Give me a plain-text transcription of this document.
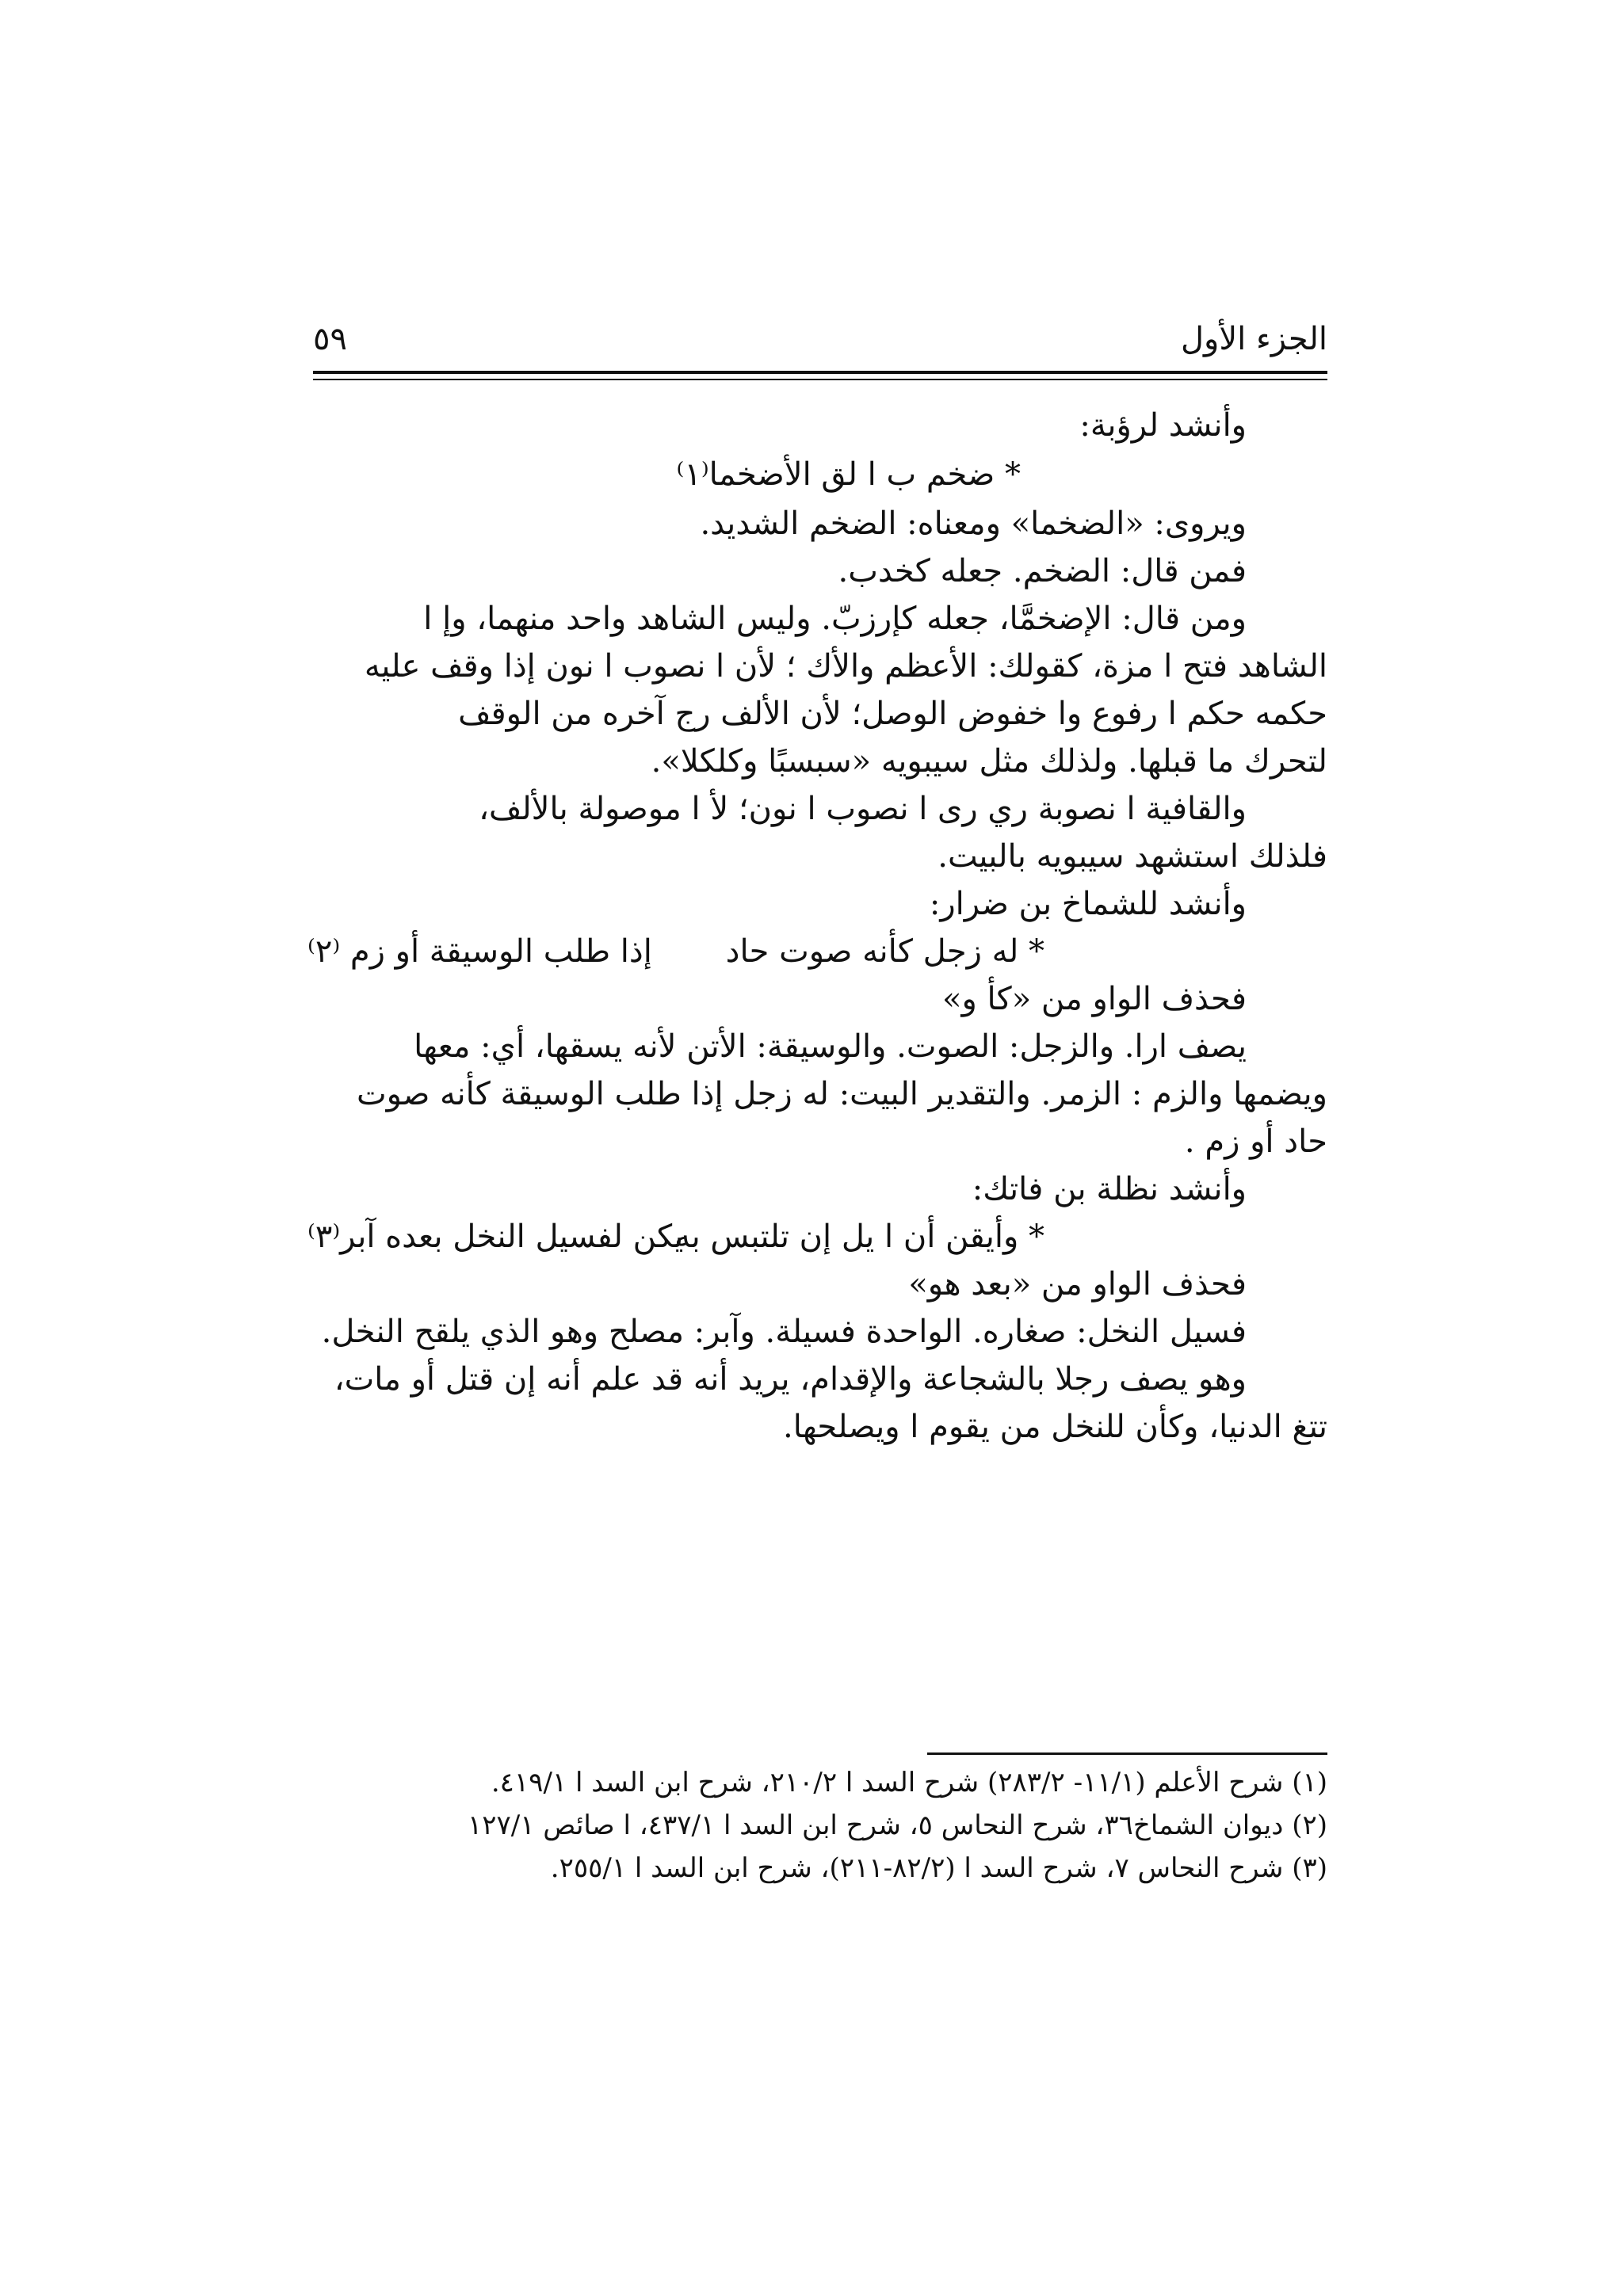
٥٩	الجزء الأول
وأنشد لرؤبة:
* ضخم ب ا لق الأضخما⁽١⁾
ويروى: «الضخما» ومعناه: الضخم الشديد.
فمن قال: الضخم. جعله كخدب.
ومن قال: الإضخمَّا، جعله كإرزبّ. وليس الشاهد واحد منهما، وإ ا
الشاهد فتح ا مزة، كقولك: الأعظم والأك ؛ لأن ا نصوب ا نون إذا وقف عليه
حكمه حكم ا رفوع وا خفوض الوصل؛ لأن الألف رج آخره من الوقف
لتحرك ما قبلها. ولذلك مثل سيبويه «سبسبًا وكلكلا».
والقافية ا نصوبة ري رى ا نصوب ا نون؛ لأ ا موصولة بالألف،
فلذلك استشهد سيبويه بالبيت.
وأنشد للشماخ بن ضرار:
* له زجل كأنه صوت حاد
إذا طلب الوسيقة أو زم ⁽٢⁾
فحذف الواو من «كأ و»
يصف ارا. والزجل: الصوت. والوسيقة: الأتن لأنه يسقها، أي: معها
ويضمها والزم : الزمر. والتقدير البيت: له زجل إذا طلب الوسيقة كأنه صوت
حاد أو زم .
وأنشد نظلة بن فاتك:
* وأيقن أن ا يل إن تلتبس به
يكن لفسيل النخل بعده آبر⁽٣⁾
فحذف الواو من «بعد هو»
فسيل النخل: صغاره. الواحدة فسيلة. وآبر: مصلح وهو الذي يلقح النخل.
وهو يصف رجلا بالشجاعة والإقدام، يريد أنه قد علم أنه إن قتل أو مات،
تتغ الدنيا، وكأن للنخل من يقوم ا ويصلحها.
(١) شرح الأعلم (١١/١- ٢٨٣/٢) شرح السد ا ٢١٠/٢، شرح ابن السد ا ٤١٩/١.
(٢) ديوان الشماخ٣٦، شرح النحاس ٥، شرح ابن السد ا ٤٣٧/١، ا صائص ١٢٧/١
(٣) شرح النحاس ٧، شرح السد ا (٨٢/٢-٢١١)، شرح ابن السد ا ٢٥٥/١.
